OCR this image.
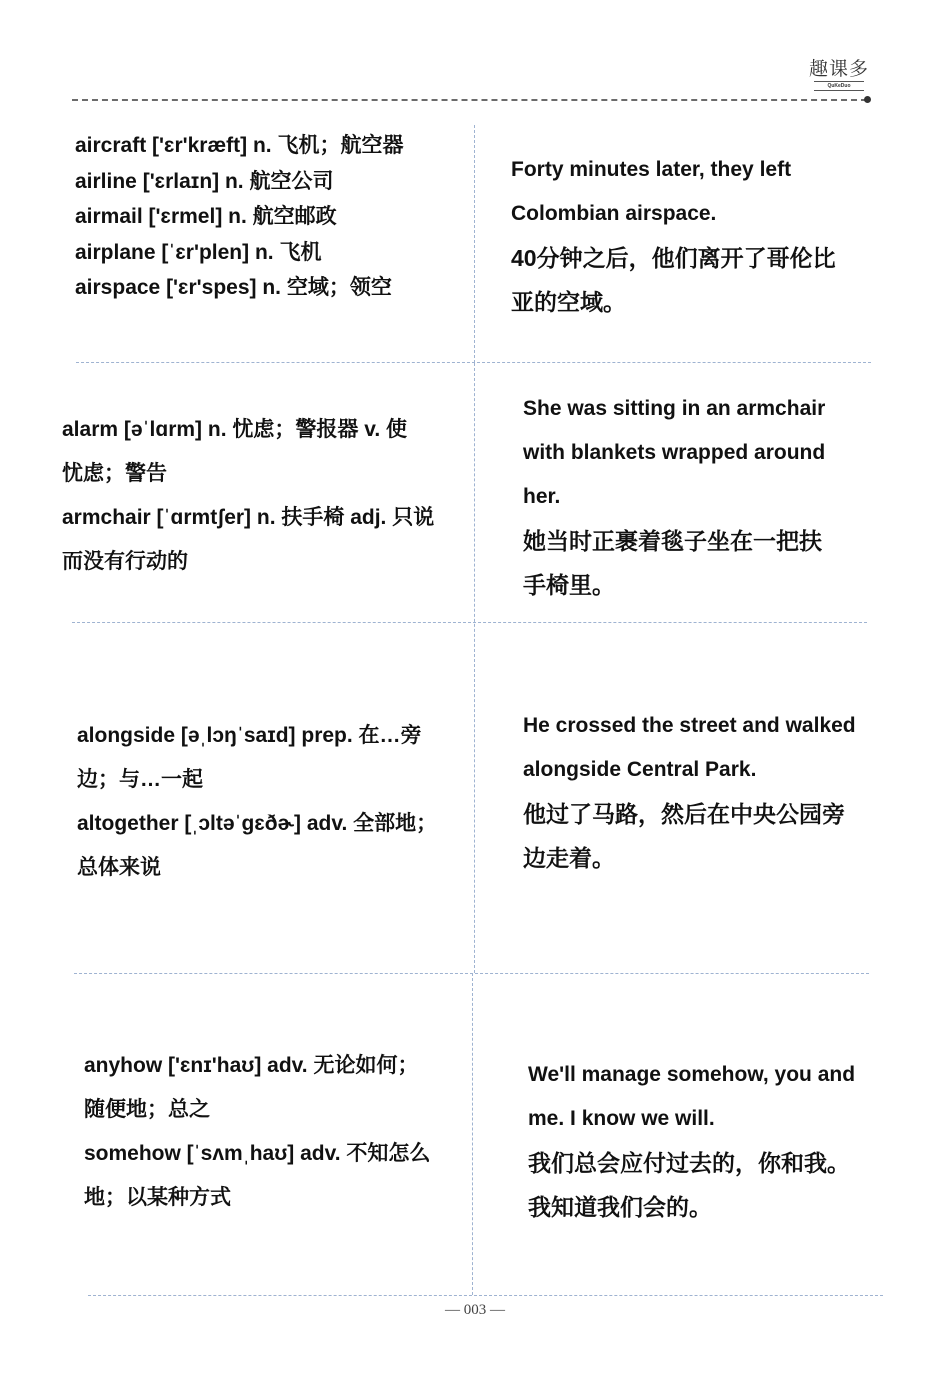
趣课多
QuKeDuo
aircraft ['ɛr'kræft] n. 飞机；航空器
airline ['ɛrlaɪn] n. 航空公司
airmail ['ɛrmel] n. 航空邮政
airplane [ˈɛr'plen] n. 飞机
airspace ['ɛr'spes] n. 空域；领空
Forty minutes later, they left
Colombian airspace.
40分钟之后，他们离开了哥伦比
亚的空域。
alarm [əˈlɑrm] n. 忧虑；警报器 v. 使
忧虑；警告
armchair [ˈɑrmtʃer] n. 扶手椅 adj. 只说
而没有行动的
She was sitting in an armchair
with blankets wrapped around
her.
她当时正裹着毯子坐在一把扶
手椅里。
alongside [əˌlɔŋˈsaɪd] prep. 在…旁
边；与…一起
altogether [ˌɔltəˈgɛðɚ] adv. 全部地；
总体来说
He crossed the street and walked
alongside Central Park.
他过了马路，然后在中央公园旁
边走着。
anyhow ['ɛnɪ'haʊ] adv. 无论如何；
随便地；总之
somehow [ˈsʌmˌhaʊ] adv. 不知怎么
地；以某种方式
We'll manage somehow, you and
me. I know we will.
我们总会应付过去的，你和我。
我知道我们会的。
— 003 —
